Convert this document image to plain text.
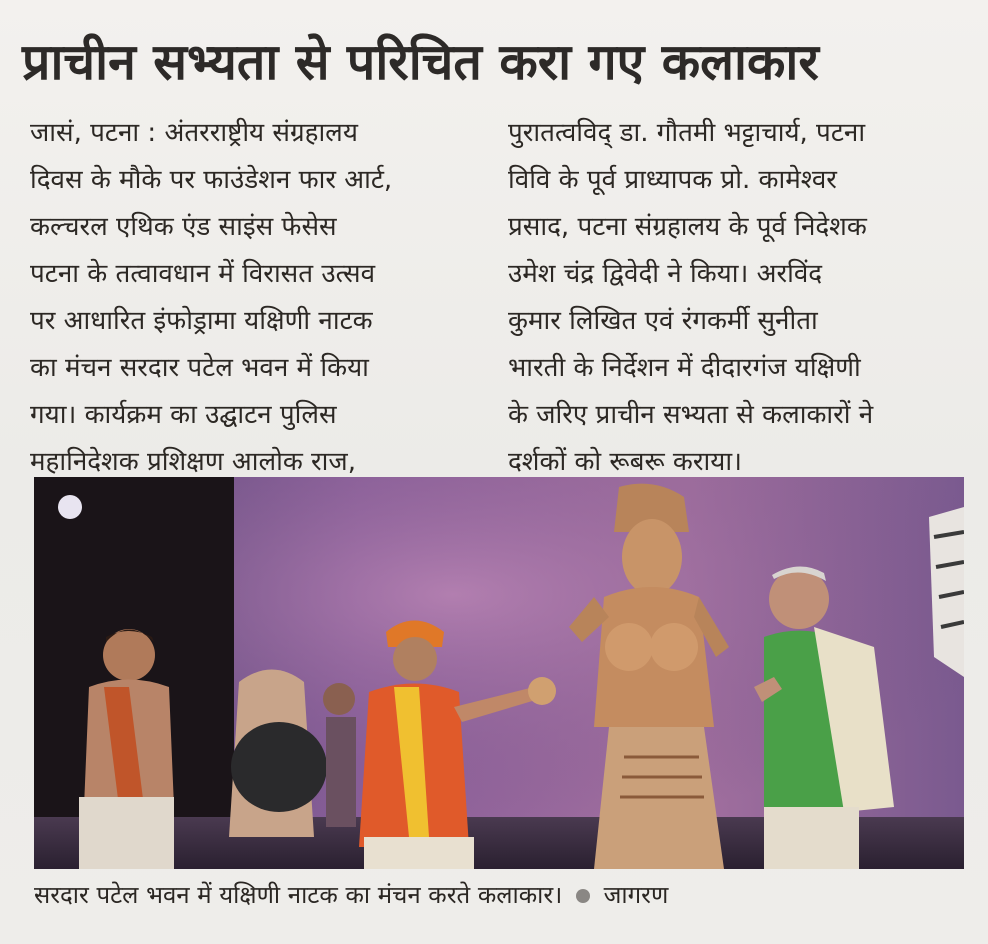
प्राचीन सभ्यता से परिचित करा गए कलाकार
जासं, पटना : अंतरराष्ट्रीय संग्रहालय
दिवस के मौके पर फाउंडेशन फार आर्ट,
कल्चरल एथिक एंड साइंस फेसेस
पटना के तत्वावधान में विरासत उत्सव
पर आधारित इंफोड्रामा यक्षिणी नाटक
का मंचन सरदार पटेल भवन में किया
गया। कार्यक्रम का उद्घाटन पुलिस
महानिदेशक प्रशिक्षण आलोक राज,
पुरातत्वविद् डा. गौतमी भट्टाचार्य, पटना
विवि के पूर्व प्राध्यापक प्रो. कामेश्वर
प्रसाद, पटना संग्रहालय के पूर्व निदेशक
उमेश चंद्र द्विवेदी ने किया। अरविंद
कुमार लिखित एवं रंगकर्मी सुनीता
भारती के निर्देशन में दीदारगंज यक्षिणी
के जरिए प्राचीन सभ्यता से कलाकारों ने
दर्शकों को रूबरू कराया।
सरदार पटेल भवन में यक्षिणी नाटक का मंचन करते कलाकार। जागरण
